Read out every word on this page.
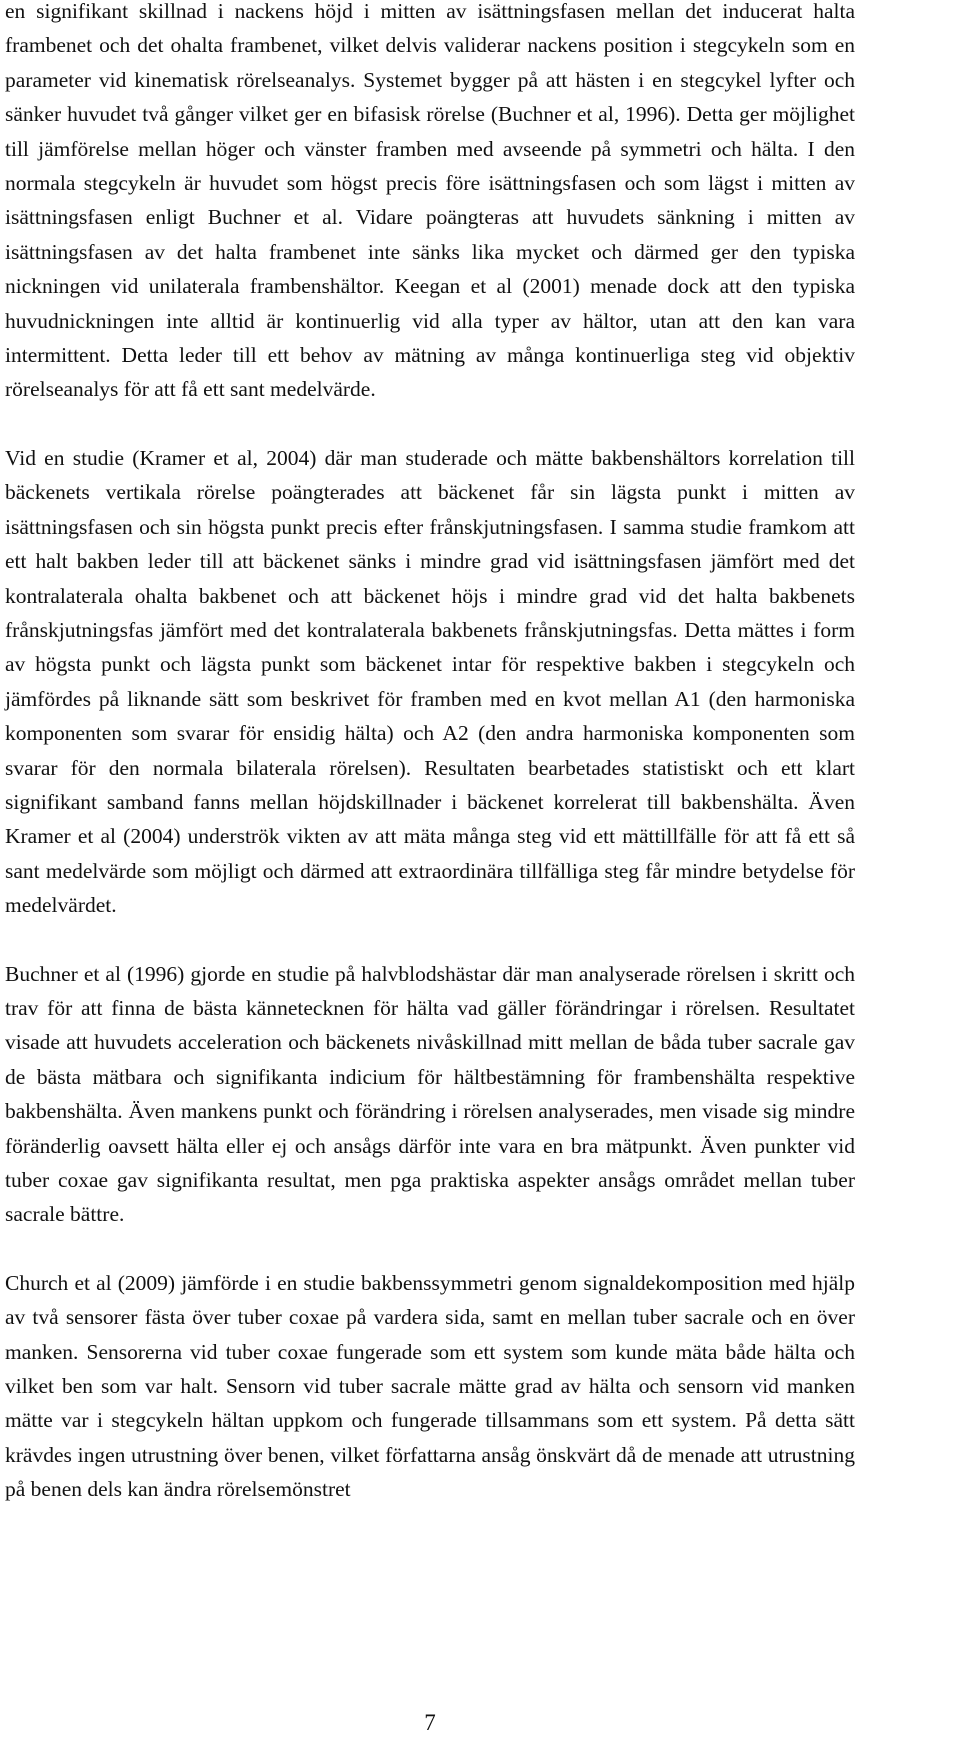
en signifikant skillnad i nackens höjd i mitten av isättningsfasen mellan det inducerat halta frambenet och det ohalta frambenet, vilket delvis validerar nackens position i stegcykeln som en parameter vid kinematisk rörelseanalys. Systemet bygger på att hästen i en stegcykel lyfter och sänker huvudet två gånger vilket ger en bifasisk rörelse (Buchner et al, 1996). Detta ger möjlighet till jämförelse mellan höger och vänster framben med avseende på symmetri och hälta. I den normala stegcykeln är huvudet som högst precis före isättningsfasen och som lägst i mitten av isättningsfasen enligt Buchner et al. Vidare poängteras att huvudets sänkning i mitten av isättningsfasen av det halta frambenet inte sänks lika mycket och därmed ger den typiska nickningen vid unilaterala frambenshältor. Keegan et al (2001) menade dock att den typiska huvudnickningen inte alltid är kontinuerlig vid alla typer av hältor, utan att den kan vara intermittent. Detta leder till ett behov av mätning av många kontinuerliga steg vid objektiv rörelseanalys för att få ett sant medelvärde.

Vid en studie (Kramer et al, 2004) där man studerade och mätte bakbenshältors korrelation till bäckenets vertikala rörelse poängterades att bäckenet får sin lägsta punkt i mitten av isättningsfasen och sin högsta punkt precis efter frånskjutningsfasen. I samma studie framkom att ett halt bakben leder till att bäckenet sänks i mindre grad vid isättningsfasen jämfört med det kontralaterala ohalta bakbenet och att bäckenet höjs i mindre grad vid det halta bakbenets frånskjutningsfas jämfört med det kontralaterala bakbenets frånskjutningsfas. Detta mättes i form av högsta punkt och lägsta punkt som bäckenet intar för respektive bakben i stegcykeln och jämfördes på liknande sätt som beskrivet för framben med en kvot mellan A1 (den harmoniska komponenten som svarar för ensidig hälta) och A2 (den andra harmoniska komponenten som svarar för den normala bilaterala rörelsen). Resultaten bearbetades statistiskt och ett klart signifikant samband fanns mellan höjdskillnader i bäckenet korrelerat till bakbenshälta. Även Kramer et al (2004) underströk vikten av att mäta många steg vid ett mättillfälle för att få ett så sant medelvärde som möjligt och därmed att extraordinära tillfälliga steg får mindre betydelse för medelvärdet.

Buchner et al (1996) gjorde en studie på halvblodshästar där man analyserade rörelsen i skritt och trav för att finna de bästa kännetecknen för hälta vad gäller förändringar i rörelsen. Resultatet visade att huvudets acceleration och bäckenets nivåskillnad mitt mellan de båda tuber sacrale gav de bästa mätbara och signifikanta indicium för hältbestämning för frambenshälta respektive bakbenshälta. Även mankens punkt och förändring i rörelsen analyserades, men visade sig mindre föränderlig oavsett hälta eller ej och ansågs därför inte vara en bra mätpunkt. Även punkter vid tuber coxae gav signifikanta resultat, men pga praktiska aspekter ansågs området mellan tuber sacrale bättre.

Church et al (2009) jämförde i en studie bakbenssymmetri genom signaldekomposition med hjälp av två sensorer fästa över tuber coxae på vardera sida, samt en mellan tuber sacrale och en över manken. Sensorerna vid tuber coxae fungerade som ett system som kunde mäta både hälta och vilket ben som var halt. Sensorn vid tuber sacrale mätte grad av hälta och sensorn vid manken mätte var i stegcykeln hältan uppkom och fungerade tillsammans som ett system. På detta sätt krävdes ingen utrustning över benen, vilket författarna ansåg önskvärt då de menade att utrustning på benen dels kan ändra rörelsemönstret

7
